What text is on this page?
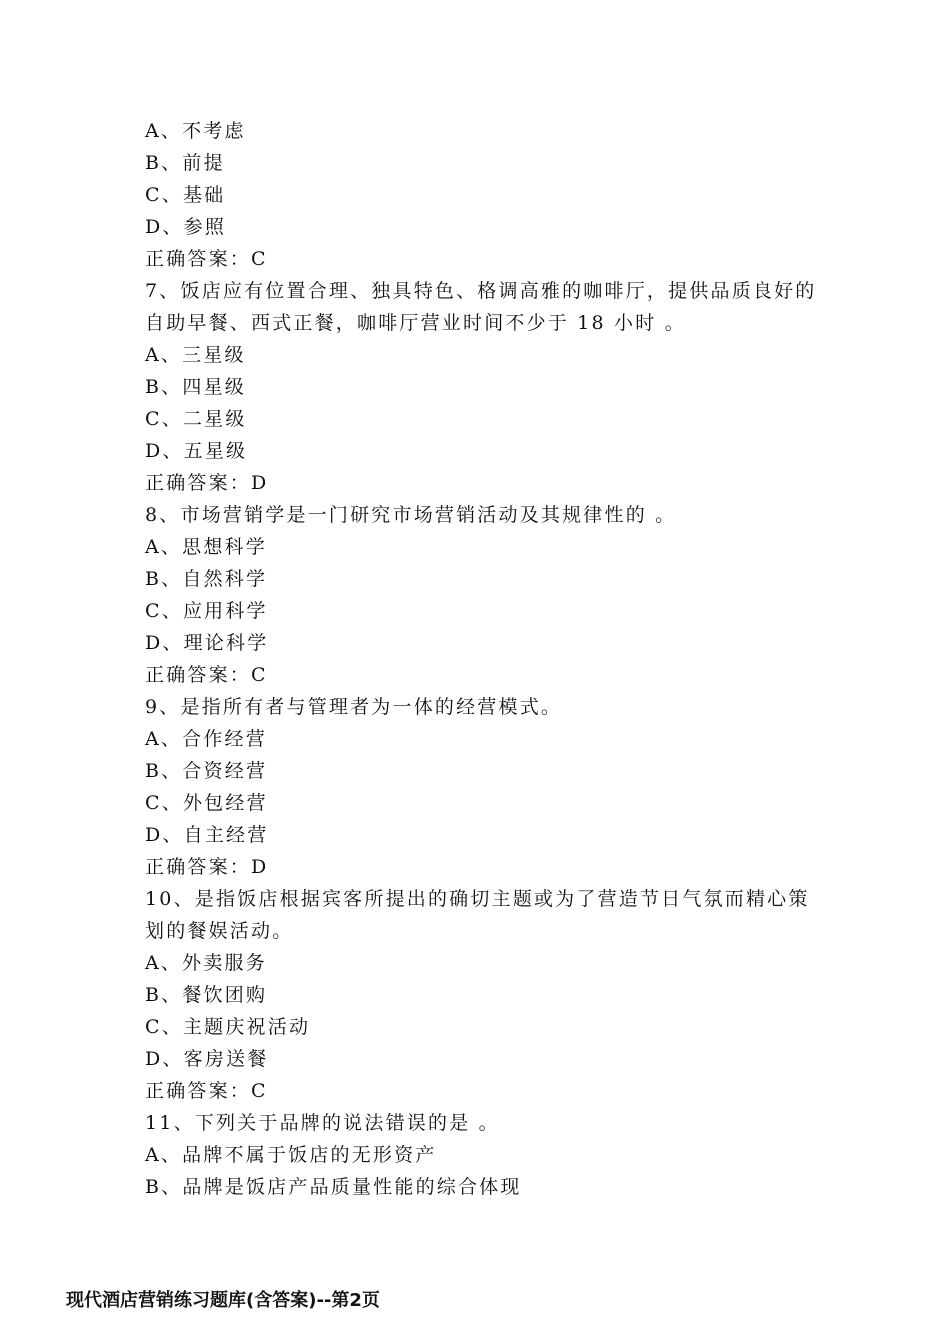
A、不考虑
B、前提
C、基础
D、参照
正确答案：C
7、饭店应有位置合理、独具特色、格调高雅的咖啡厅，提供品质良好的
自助早餐、西式正餐，咖啡厅营业时间不少于 18 小时 。
A、三星级
B、四星级
C、二星级
D、五星级
正确答案：D
8、市场营销学是一门研究市场营销活动及其规律性的 。
A、思想科学
B、自然科学
C、应用科学
D、理论科学
正确答案：C
9、是指所有者与管理者为一体的经营模式。
A、合作经营
B、合资经营
C、外包经营
D、自主经营
正确答案：D
10、是指饭店根据宾客所提出的确切主题或为了营造节日气氛而精心策
划的餐娱活动。
A、外卖服务
B、餐饮团购
C、主题庆祝活动
D、客房送餐
正确答案：C
11、下列关于品牌的说法错误的是 。
A、品牌不属于饭店的无形资产
B、品牌是饭店产品质量性能的综合体现
现代酒店营销练习题库(含答案)--第2页
